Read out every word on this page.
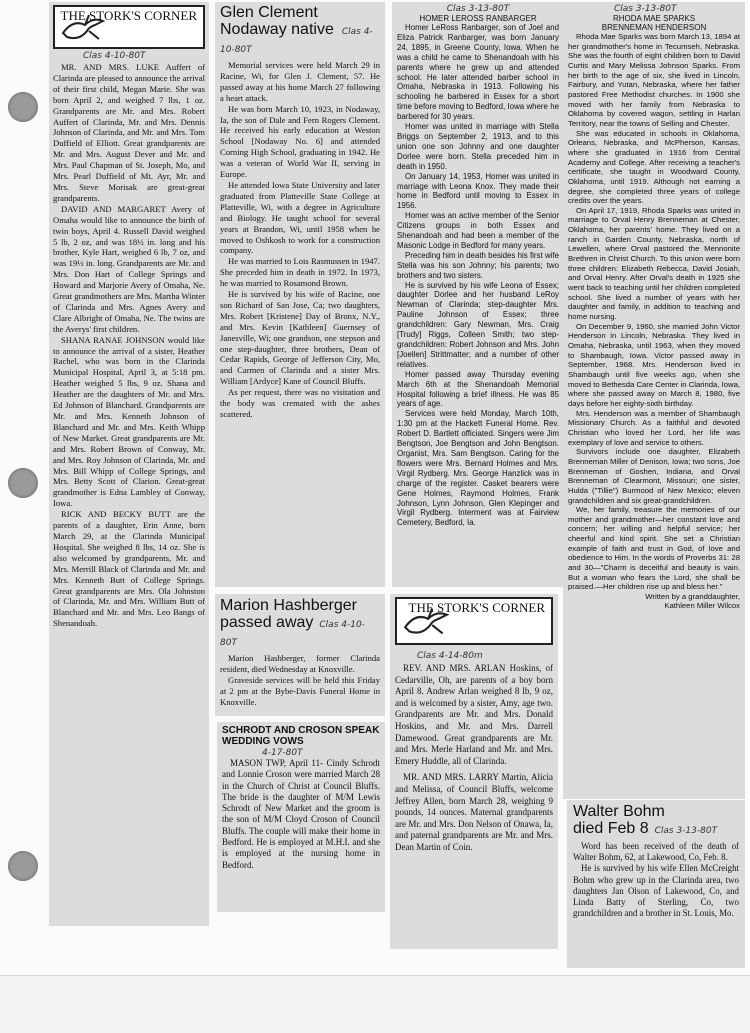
THE STORK'S CORNER
Clas 4-10-80T

MR. AND MRS. LUKE Auffert of Clarinda are pleased to announce the arrival of their first child, Megan Marie. She was born April 2, and weighed 7 lbs, 1 oz. Grandparents are Mr. and Mrs. Robert Auffert of Clarinda, Mr. and Mrs. Dennis Johnson of Clarinda, and Mr. and Mrs. Tom Duffield of Elliott. Great grandparents are Mr. and Mrs. August Dever and Mr. and Mrs. Paul Chapman of St. Joseph, Mo, and Mrs. Pearl Duffield of Mt. Ayr, Mr. and Mrs. Steve Morisak are great-great grandparents.

DAVID AND MARGARET Avery of Omaha would like to announce the birth of twin boys, April 4. Russell David weighed 5 lb, 2 oz, and was 18½ in. long and his brother, Kyle Hart, weighed 6 lb, 7 oz, and was 19½ in. long. Grandparents are Mr. and Mrs. Don Hart of College Springs and Howard and Marjorie Avery of Omaha, Ne. Great grandmothers are Mrs. Martha Winter of Clarinda and Mrs. Agnes Avery and Clare Albright of Omaha, Ne. The twins are the Averys' first children.

SHANA RANAE JOHNSON would like to announce the arrival of a sister, Heather Rachel, who was born in the Clarinda Municipal Hospital, April 3, at 5:18 pm. Heather weighed 5 lbs, 9 oz. Shana and Heather are the daughters of Mr. and Mrs. Ed Johnson of Blanchard. Grandparents are Mr. and Mrs. Kenneth Johnson of Blanchard and Mr. and Mrs. Keith Whipp of New Market. Great grandparents are Mr. and Mrs. Robert Brown of Conway, Mr. and Mrs. Roy Johnson of Clarinda, Mr. and Mrs. Bill Whipp of College Springs, and Mrs. Betty Scott of Clarion. Great-great grandmother is Edna Lambley of Conway, Iowa.

RICK AND BECKY BUTT are the parents of a daughter, Erin Anne, born March 29, at the Clarinda Municipal Hospital. She weighed 8 lbs, 14 oz. She is also welcomed by grandparents, Mr. and Mrs. Merrill Black of Clarinda and Mr. and Mrs. Kenneth Butt of College Springs. Great grandparents are Mrs. Ola Johnston of Clarinda, Mr. and Mrs. William Butt of Blanchard and Mr. and Mrs. Leo Bangs of Shenandoah.

Glen Clement
Nodaway native Clas 4-10-80T

Memorial services were held March 29 in Racine, Wi, for Glen J. Clement, 57. He passed away at his home March 27 following a heart attack.

He was born March 10, 1923, in Nodaway, Ia, the son of Dale and Fern Rogers Clement. He received his early education at Weston School [Nodaway No. 6] and attended Corning High School, graduating in 1942. He was a veteran of World War II, serving in Europe.

He attended Iowa State University and later graduated from Platteville State College at Platteville, Wi, with a degree in Agriculture and Biology. He taught school for several years at Brandon, Wi, until 1958 when he moved to Oshkosh to work for a construction company.

He was married to Lois Rasmussen in 1947. She preceded him in death in 1972. In 1973, he was married to Rosamond Brown.

He is survived by his wife of Racine, one son Richard of San Jose, Ca; two daughters, Mrs. Robert [Kristene] Day of Bronx, N.Y., and Mrs. Kevin [Kathleen] Guernsey of Janesville, Wi; one grandson, one stepson and one step-daughter, three brothers, Dean of Cedar Rapids, George of Jefferson City, Mo, and Carmen of Clarinda and a sister Mrs. William [Ardyce] Kane of Council Bluffs.

As per request, there was no visitation and the body was cremated with the ashes scattered.

Marion Hashberger
passed away Clas 4-10-80T

Marion Hashberger, former Clarinda resident, died Wednesday at Knoxville.

Graveside services will be held this Friday at 2 pm at the Bybe-Davis Funeral Home in Knoxville.

SCHRODT AND CROSON SPEAK WEDDING VOWS
4-17-80T

MASON TWP, April 11- Cindy Schrodt and Lonnie Croson were married March 28 in the Church of Christ at Council Bluffs. The bride is the daughter of M/M Lewis Schrodt of New Market and the groom is the son of M/M Cloyd Croson of Council Bluffs. The couple will make their home in Bedford. He is employed at M.H.I. and she is employed at the nursing home in Bedford.

Clas 3-13-80T
HOMER LEROSS RANBARGER

Homer LeRoss Ranbarger, son of Joel and Eliza Patrick Ranbarger, was born January 24, 1895, in Greene County, Iowa. When he was a child he came to Shenandoah with his parents where he grew up and attended school. He later attended barber school in Omaha, Nebraska in 1913. Following his schooling he barbered in Essex for a short time before moving to Bedford, Iowa where he barbered for 30 years.

Homer was united in marriage with Stella Briggs on September 2, 1913, and to this union one son Johnny and one daughter Dorlee were born. Stella preceded him in death in 1950.

On January 14, 1953, Homer was united in marriage with Leona Knox. They made their home in Bedford until moving to Essex in 1956.

Homer was an active member of the Senior Citizens groups in both Essex and Shenandoah and had been a member of the Masonic Lodge in Bedford for many years.

Preceding him in death besides his first wife Stella was his son Johnny; his parents; two brothers and two sisters.

He is survived by his wife Leona of Essex; daughter Dorlee and her husband LeRoy Newman of Clarinda; step-daughter Mrs. Pauline Johnson of Essex; three grandchildren: Gary Newman, Mrs. Craig [Trudy] Riggs, Colleen Smith; two step-grandchildren: Robert Johnson and Mrs. John [Joellen] Strittmatter; and a number of other relatives.

Homer passed away Thursday evening March 6th at the Shenandoah Memorial Hospital following a brief illness. He was 85 years of age.

Services were held Monday, March 10th, 1:30 pm at the Hackett Funeral Home. Rev. Robert D. Bartlett officiated. Singers were Jim Bengtson, Joe Bengtson and John Bengtson. Organist, Mrs. Sam Bengtson. Caring for the flowers were Mrs. Bernard Holmes and Mrs. Virgil Rydberg. Mrs. George Hanzlick was in charge of the register. Casket bearers were Gene Holmes, Raymond Holmes, Frank Johnson, Lynn Johnson, Glen Klepinger and Virgil Rydberg. Interment was at Fairview Cemetery, Bedford, Ia.

THE STORK'S CORNER
Clas 4-14-80m

REV. AND MRS. ARLAN Hoskins, of Cedarville, Oh, are parents of a boy born April 8. Andrew Arlan weighed 8 lb, 9 oz, and is welcomed by a sister, Amy, age two. Grandparents are Mr. and Mrs. Donald Hoskins, and Mr. and Mrs. Darrell Damewood. Great grandparents are Mr. and Mrs. Merle Harland and Mr. and Mrs. Emery Huddle, all of Clarinda.

MR. AND MRS. LARRY Martin, Alicia and Melissa, of Council Bluffs, welcome Jeffrey Allen, born March 28, weighing 9 pounds, 14 ounces. Maternal grandparents are Mr. and Mrs. Don Nelson of Onawa, Ia, and paternal grandparents are Mr. and Mrs. Dean Martin of Coin.

Clas 3-13-80T
RHODA MAE SPARKS
BRENNEMAN HENDERSON

Rhoda Mae Sparks was born March 13, 1894 at her grandmother's home in Tecumseh, Nebraska. She was the fourth of eight children born to David Curtis and Mary Melissa Johnson Sparks. From her birth to the age of six, she lived in Lincoln, Fairbury, and Yutan, Nebraska, where her father pastored Free Methodist churches. In 1900 she moved with her family from Nebraska to Oklahoma by covered wagon, settling in Harlan Territory, near the towns of Selling and Chester.

She was educated in schools in Oklahoma, Orleans, Nebraska, and McPherson, Kansas, where she graduated in 1916 from Central Academy and College. After receiving a teacher's certificate, she taught in Woodward County, Oklahoma, until 1919. Although not earning a degree, she completed three years of college credits over the years.

On April 17, 1919, Rhoda Sparks was united in marriage to Orval Henry Brenneman at Chester, Oklahoma, her parents' home. They lived on a ranch in Garden County, Nebraska, north of Lewellen, where Orval pastored the Mennonite Brethren in Christ Church. To this union were born three children: Elizabeth Rebecca, David Josiah, and Orval Henry. After Orval's death in 1925 she went back to teaching until her children completed school. She lived a number of years with her daughter and family, in addition to teaching and home nursing.

On December 9, 1960, she married John Victor Henderson in Lincoln, Nebraska. They lived in Omaha, Nebraska, until 1963, when they moved to Shambaugh, Iowa. Victor passed away in September, 1968. Mrs. Henderson lived in Shambaugh until five weeks ago, when she moved to Bethesda Care Center in Clarinda, Iowa, where she passed away on March 8, 1980, five days before her eighty-sixth birthday.

Mrs. Henderson was a member of Shambaugh Missionary Church. As a faithful and devoted Christian who loved her Lord, her life was exemplary of love and service to others.

Survivors include one daughter, Elizabeth Brenneman Miller of Denison, Iowa; two sons, Joe Brenneman of Goshen, Indiana, and Orval Brenneman of Clearmont, Missouri; one sister, Hulda ("Tillie") Burmood of New Mexico; eleven grandchildren and six great-grandchildren.

We, her family, treasure the memories of our mother and grandmother—her constant love and concern; her willing and helpful service; her cheerful and kind spirit. She set a Christian example of faith and trust in God, of love and obedience to Him. In the words of Proverbs 31: 28 and 30—"Charm is deceitful and beauty is vain. But a woman who fears the Lord, she shall be praised.—Her children rise up and bless her."

Written by a granddaughter,
Kathleen Miller Wilcox
Walter Bohm
died Feb 8 Clas 3-13-80T

Word has been received of the death of Walter Bohm, 62, at Lakewood, Co, Feb. 8.

He is survived by his wife Ellen McCreight Bohm who grew up in the Clarinda area, two daughters Jan Olson of Lakewood, Co, and Linda Batty of Sterling, Co, two grandchildren and a brother in St. Louis, Mo.
